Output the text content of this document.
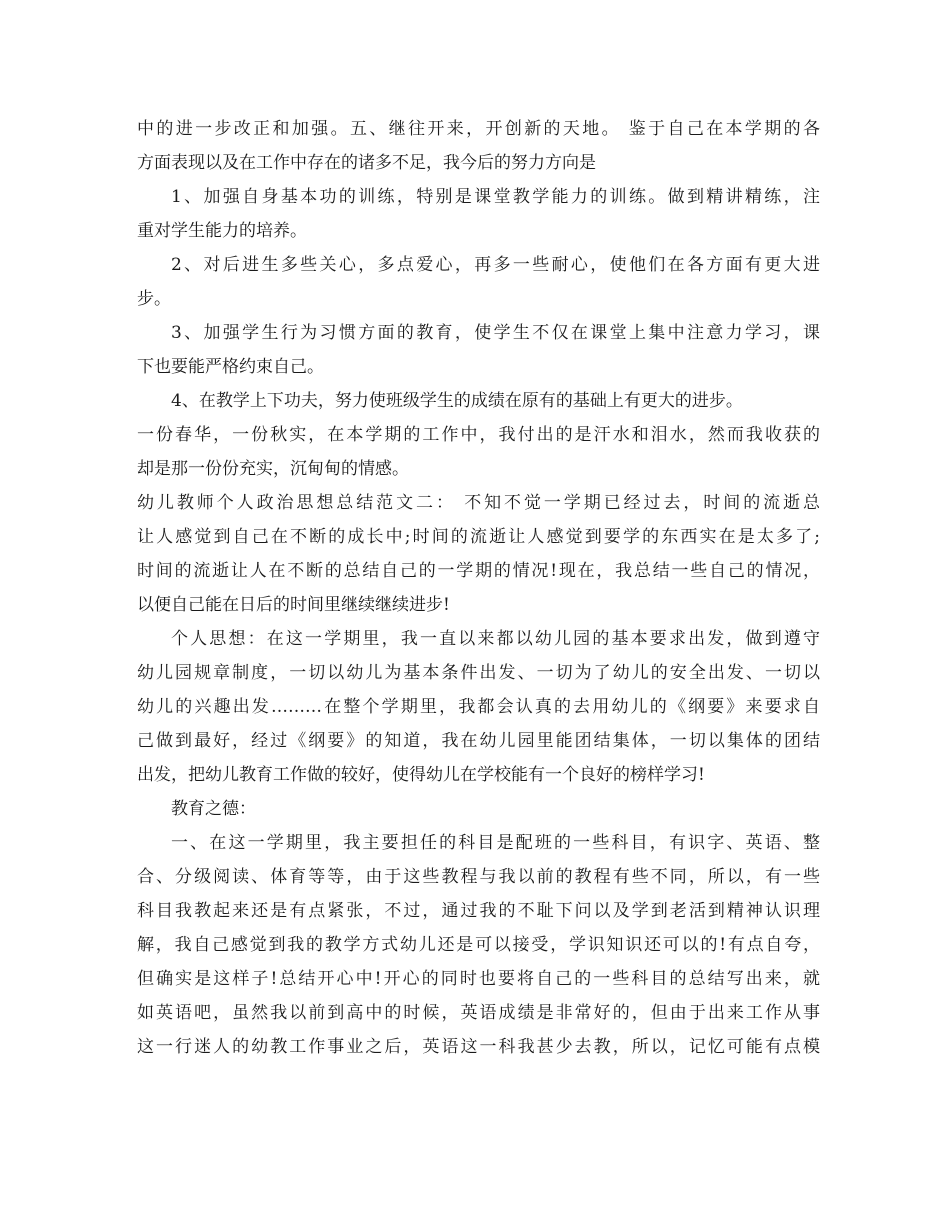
中的进一步改正和加强。五、继往开来，开创新的天地。 鉴于自己在本学期的各
方面表现以及在工作中存在的诸多不足，我今后的努力方向是
1、加强自身基本功的训练，特别是课堂教学能力的训练。做到精讲精练，注
重对学生能力的培养。
2、对后进生多些关心，多点爱心，再多一些耐心，使他们在各方面有更大进
步。
3、加强学生行为习惯方面的教育，使学生不仅在课堂上集中注意力学习，课
下也要能严格约束自己。
4、在教学上下功夫，努力使班级学生的成绩在原有的基础上有更大的进步。
一份春华，一份秋实，在本学期的工作中，我付出的是汗水和泪水，然而我收获的
却是那一份份充实，沉甸甸的情感。
幼儿教师个人政治思想总结范文二： 不知不觉一学期已经过去，时间的流逝总
让人感觉到自己在不断的成长中;时间的流逝让人感觉到要学的东西实在是太多了;
时间的流逝让人在不断的总结自己的一学期的情况!现在，我总结一些自己的情况，
以便自己能在日后的时间里继续继续进步!
个人思想：在这一学期里，我一直以来都以幼儿园的基本要求出发，做到遵守
幼儿园规章制度，一切以幼儿为基本条件出发、一切为了幼儿的安全出发、一切以
幼儿的兴趣出发………在整个学期里，我都会认真的去用幼儿的《纲要》来要求自
己做到最好，经过《纲要》的知道，我在幼儿园里能团结集体，一切以集体的团结
出发，把幼儿教育工作做的较好，使得幼儿在学校能有一个良好的榜样学习!
教育之德：
一、在这一学期里，我主要担任的科目是配班的一些科目，有识字、英语、整
合、分级阅读、体育等等，由于这些教程与我以前的教程有些不同，所以，有一些
科目我教起来还是有点紧张，不过，通过我的不耻下问以及学到老活到精神认识理
解，我自己感觉到我的教学方式幼儿还是可以接受，学识知识还可以的!有点自夸，
但确实是这样子!总结开心中!开心的同时也要将自己的一些科目的总结写出来，就
如英语吧，虽然我以前到高中的时候，英语成绩是非常好的，但由于出来工作从事
这一行迷人的幼教工作事业之后，英语这一科我甚少去教，所以，记忆可能有点模
